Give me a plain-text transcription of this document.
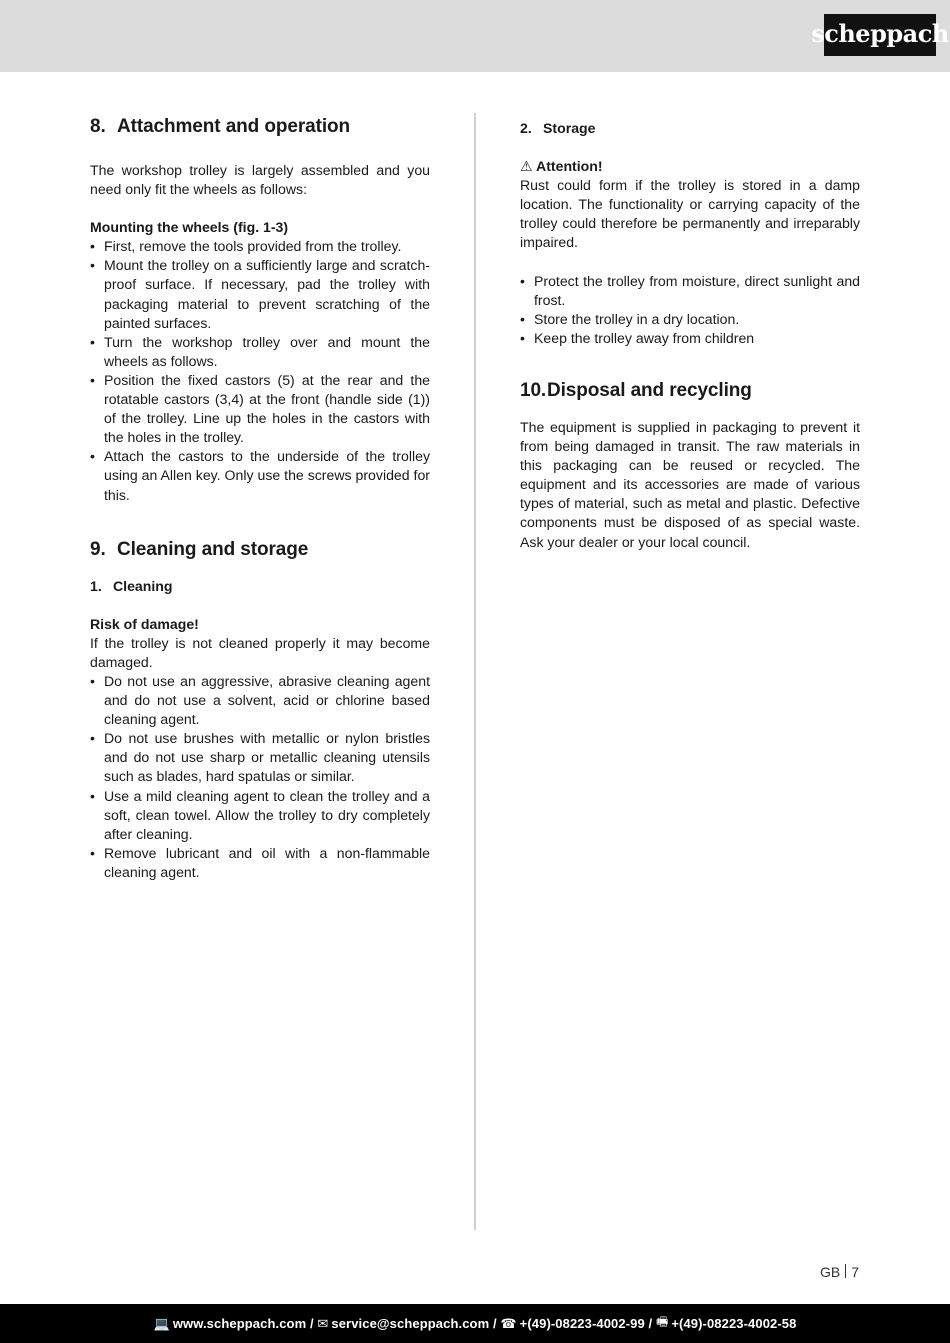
scheppach
8. Attachment and operation

The workshop trolley is largely assembled and you need only fit the wheels as follows:

Mounting the wheels (fig. 1-3)

• First, remove the tools provided from the trolley.
• Mount the trolley on a sufficiently large and scratch-proof surface. If necessary, pad the trolley with packaging material to prevent scratching of the painted surfaces.
• Turn the workshop trolley over and mount the wheels as follows.
• Position the fixed castors (5) at the rear and the rotatable castors (3,4) at the front (handle side (1)) of the trolley. Line up the holes in the castors with the holes in the trolley.
• Attach the castors to the underside of the trolley using an Allen key. Only use the screws provided for this.
9. Cleaning and storage
1. Cleaning

Risk of damage!

If the trolley is not cleaned properly it may become damaged.

• Do not use an aggressive, abrasive cleaning agent and do not use a solvent, acid or chlorine based cleaning agent.
• Do not use brushes with metallic or nylon bristles and do not use sharp or metallic cleaning utensils such as blades, hard spatulas or similar.
• Use a mild cleaning agent to clean the trolley and a soft, clean towel. Allow the trolley to dry completely after cleaning.
• Remove lubricant and oil with a non-flammable cleaning agent.
2. Storage

⚠ Attention!

Rust could form if the trolley is stored in a damp location. The functionality or carrying capacity of the trolley could therefore be permanently and irreparably impaired.

• Protect the trolley from moisture, direct sunlight and frost.
• Store the trolley in a dry location.
• Keep the trolley away from children
10.Disposal and recycling

The equipment is supplied in packaging to prevent it from being damaged in transit. The raw materials in this packaging can be reused or recycled. The equipment and its accessories are made of various types of material, such as metal and plastic. Defective components must be disposed of as special waste. Ask your dealer or your local council.

GB 7
💻 www.scheppach.com / ✉ service@scheppach.com / ☎ +(49)-08223-4002-99 / 🖷 +(49)-08223-4002-58
